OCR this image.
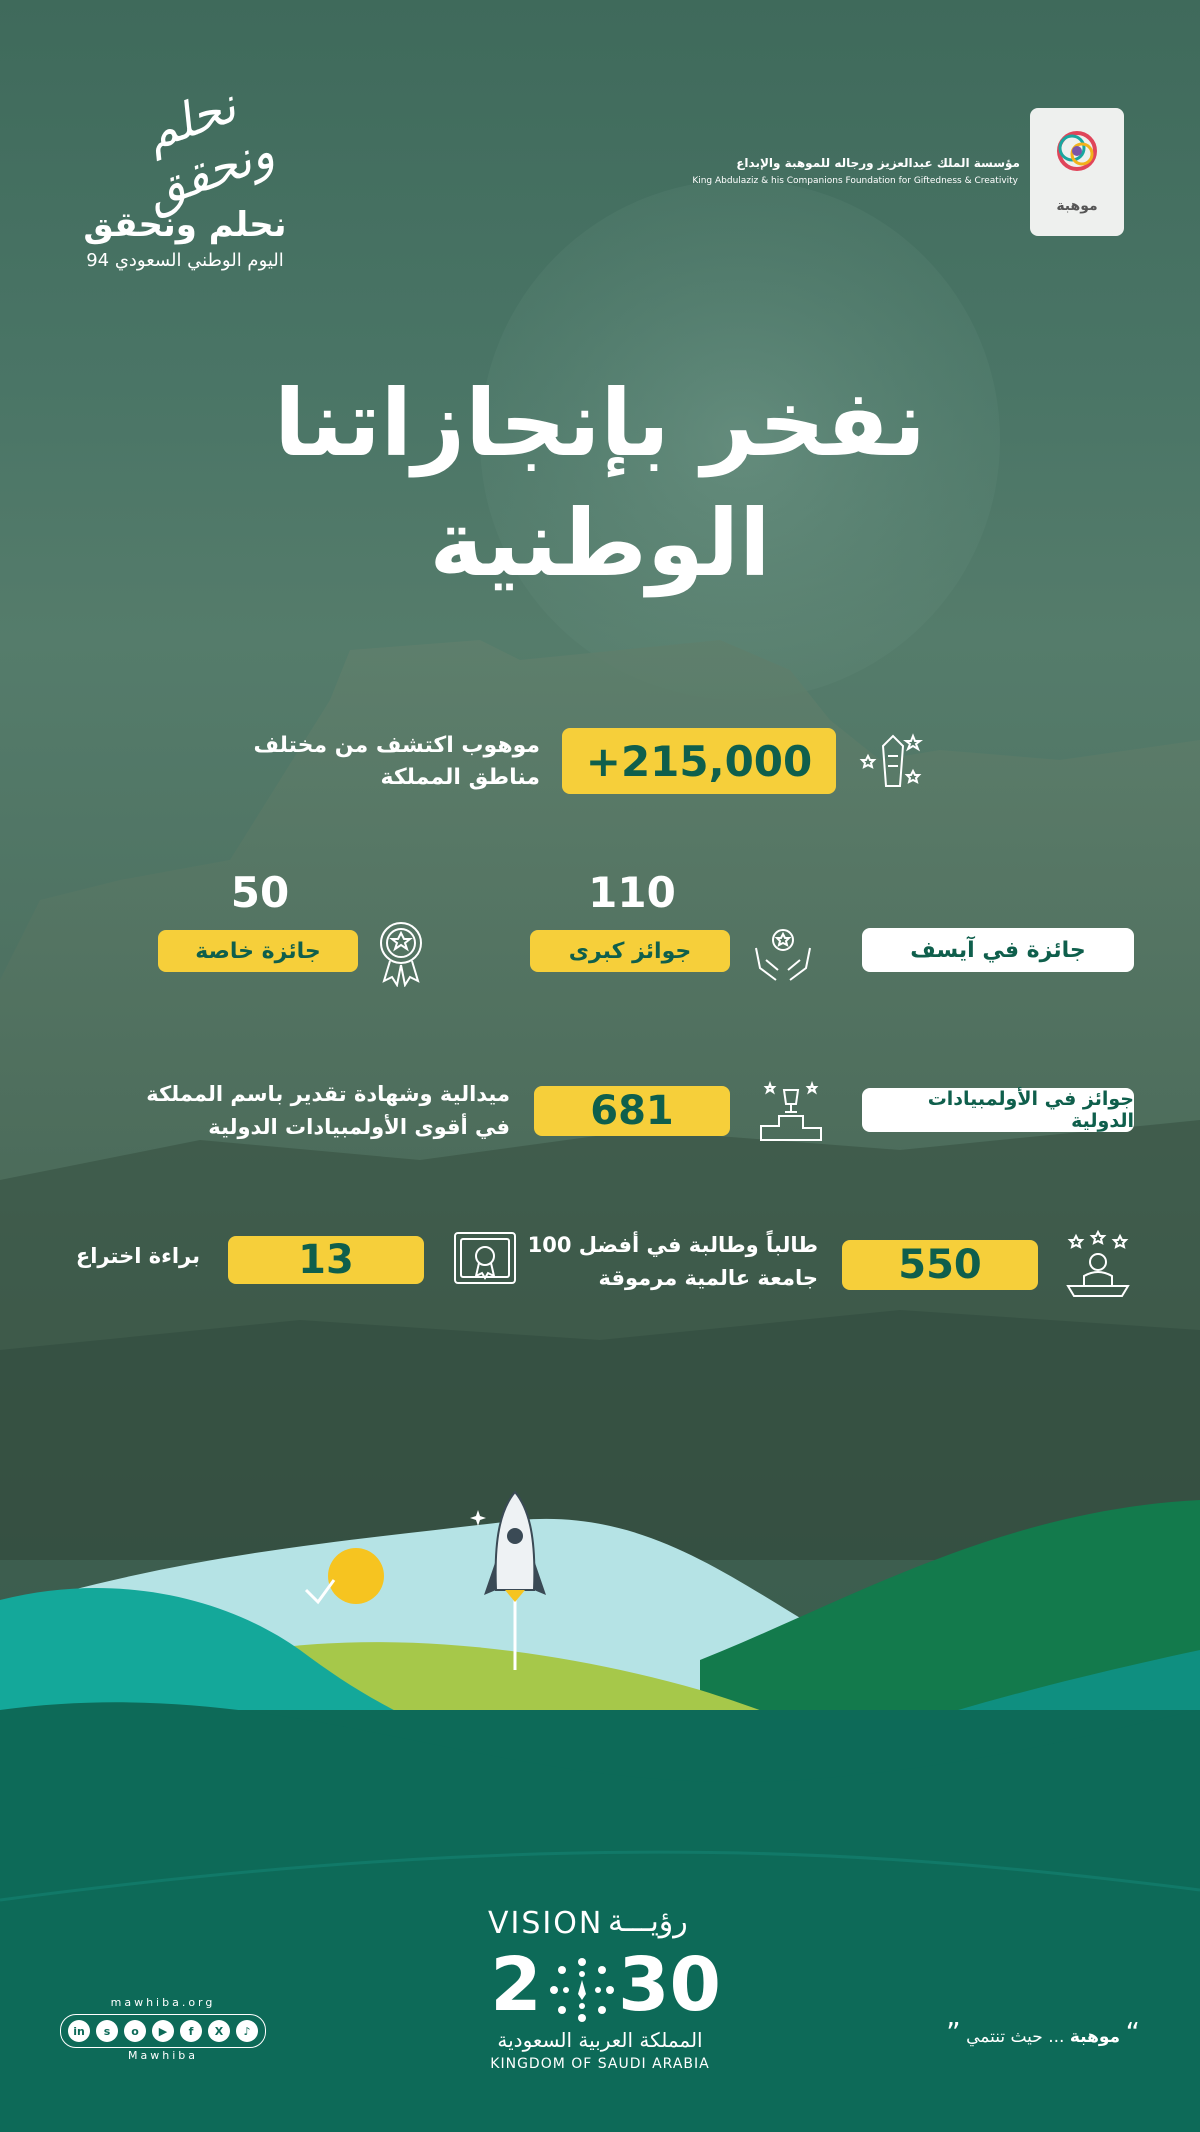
نحلم ونحقق
نحلم ونحقق
اليوم الوطني السعودي 94
مؤسسة الملك عبدالعزيز ورجاله للموهبة والإبداع
King Abdulaziz & his Companions Foundation for Giftedness & Creativity
موهبة
نفخر بإنجازاتنا
الوطنية
+215,000
موهوب اكتشف من مختلف
مناطق المملكة
50	110
جائزة في آيسف
جوائز كبرى
جائزة خاصة
جوائز في الأولمبيادات الدولية
681
ميدالية وشهادة تقدير باسم المملكة
في أقوى الأولمبيادات الدولية
550
طالباً وطالبة في أفضل 100
جامعة عالمية مرموقة
13
براءة اختراع
VISION رؤيـــة
2 30
المملكة العربية السعودية
KINGDOM OF SAUDI ARABIA
mawhiba.org
in	s	o	▶	f	X	♪
Mawhiba
“ موهبة ... حيث تنتمي ”
